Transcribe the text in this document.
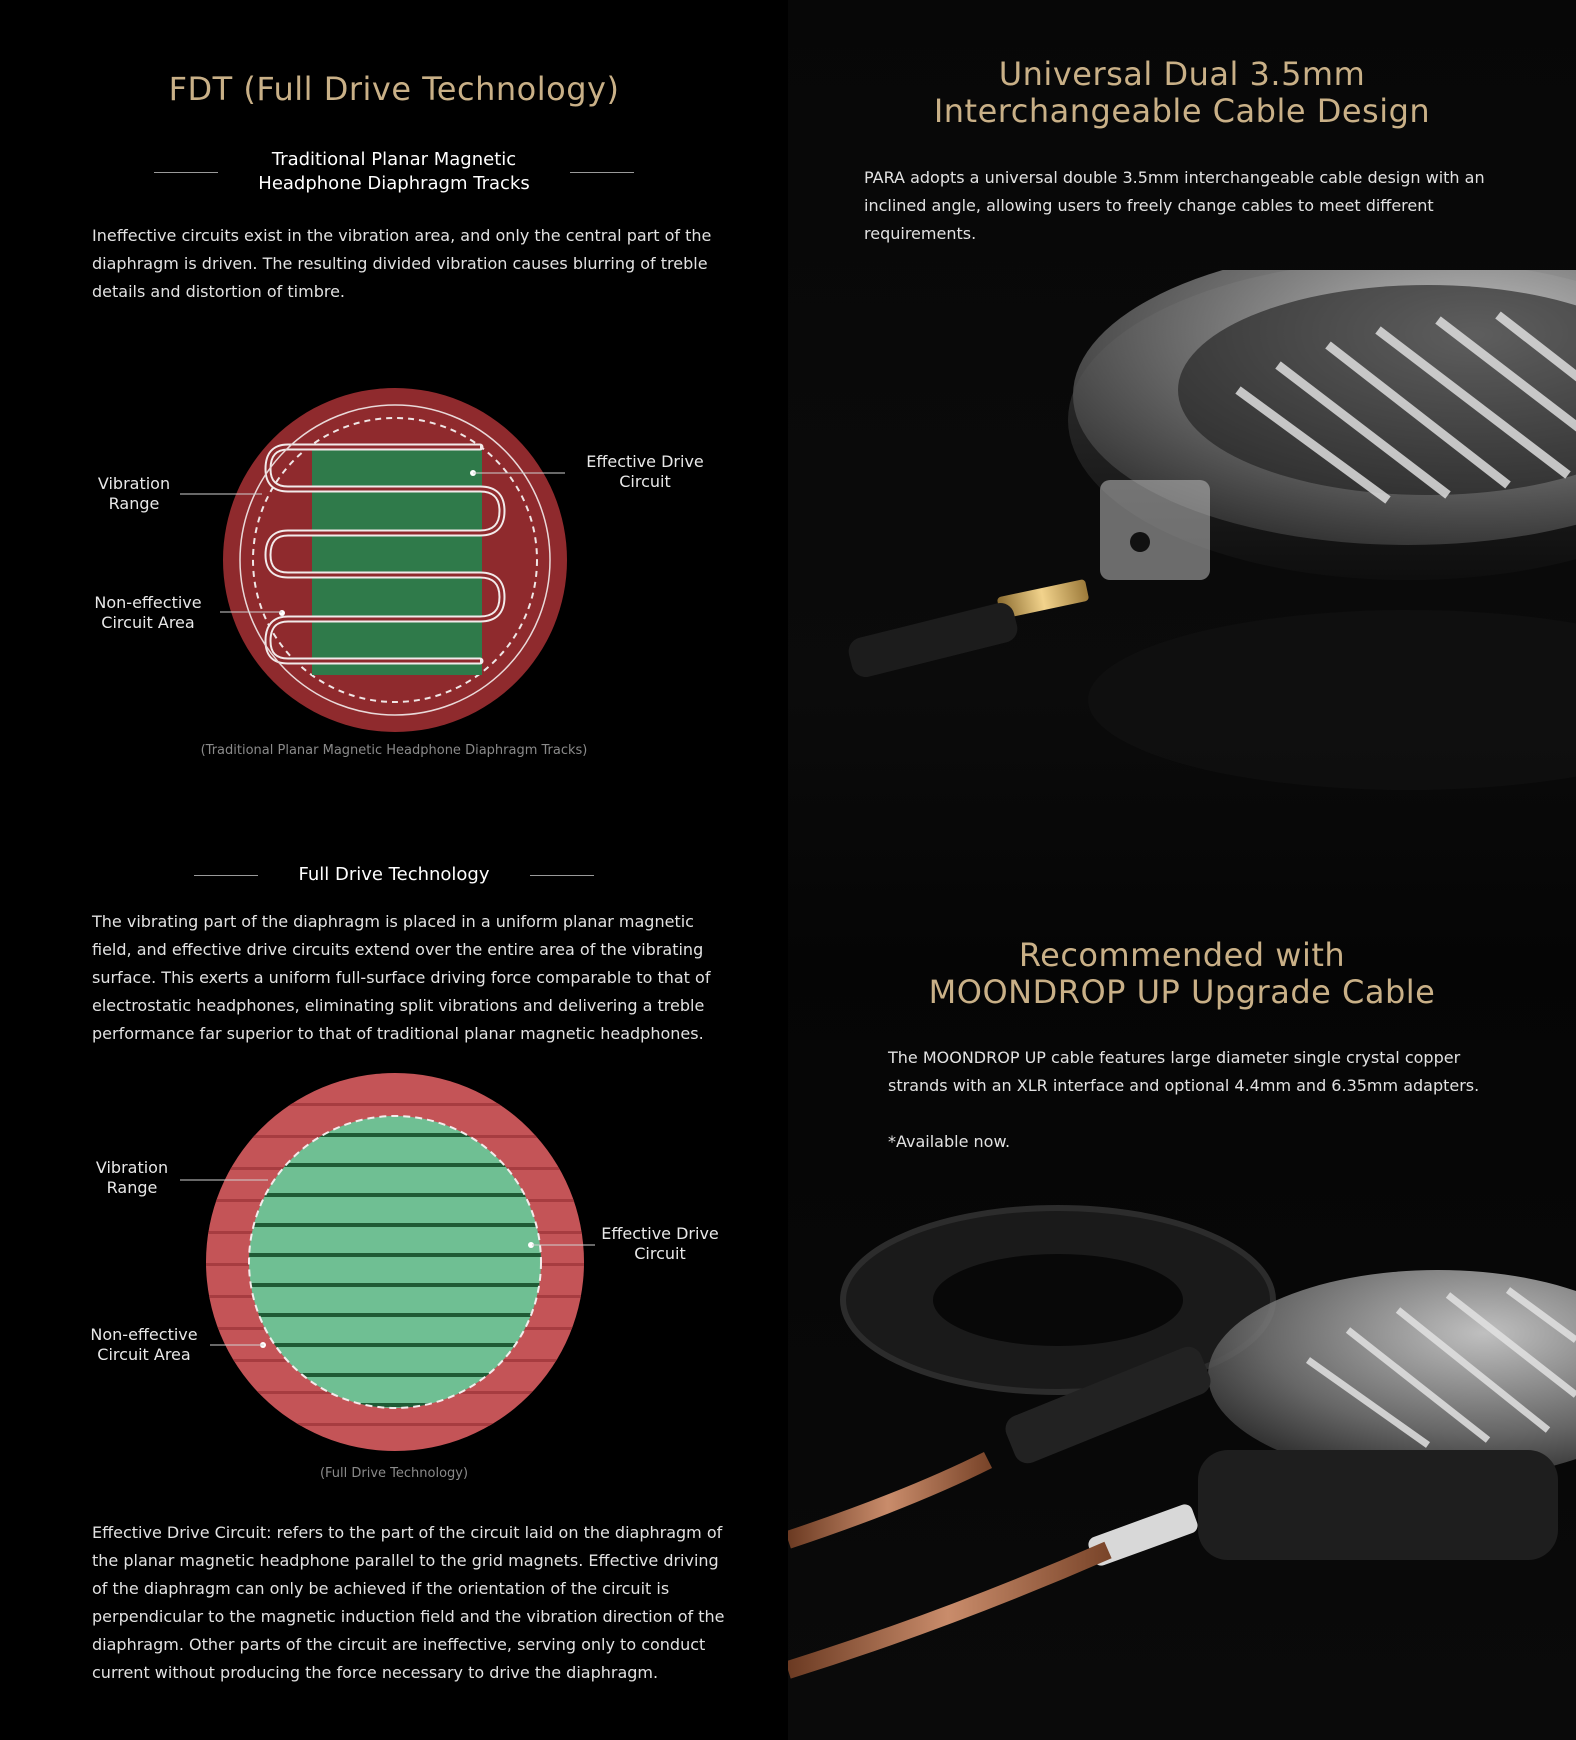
FDT (Full Drive Technology)
Traditional Planar Magnetic
Headphone Diaphragm Tracks

Ineffective circuits exist in the vibration area, and only the central part of the diaphragm is driven. The resulting divided vibration causes blurring of treble details and distortion of timbre.

Vibration
Range
Effective Drive
Circuit
Non-effective
Circuit Area
(Traditional Planar Magnetic Headphone Diaphragm Tracks)
Full Drive Technology

The vibrating part of the diaphragm is placed in a uniform planar magnetic field, and effective drive circuits extend over the entire area of the vibrating surface. This exerts a uniform full-surface driving force comparable to that of electrostatic headphones, eliminating split vibrations and delivering a treble performance far superior to that of traditional planar magnetic headphones.

Vibration
Range
Effective Drive
Circuit
Non-effective
Circuit Area
(Full Drive Technology)

Effective Drive Circuit: refers to the part of the circuit laid on the diaphragm of the planar magnetic headphone parallel to the grid magnets. Effective driving of the diaphragm can only be achieved if the orientation of the circuit is perpendicular to the magnetic induction field and the vibration direction of the diaphragm. Other parts of the circuit are ineffective, serving only to conduct current without producing the force necessary to drive the diaphragm.

Universal Dual 3.5mm
Interchangeable Cable Design

PARA adopts a universal double 3.5mm interchangeable cable design with an inclined angle, allowing users to freely change cables to meet different requirements.

Recommended with
MOONDROP UP Upgrade Cable

The MOONDROP UP cable features large diameter single crystal copper strands with an XLR interface and optional 4.4mm and 6.35mm adapters.

*Available now.
